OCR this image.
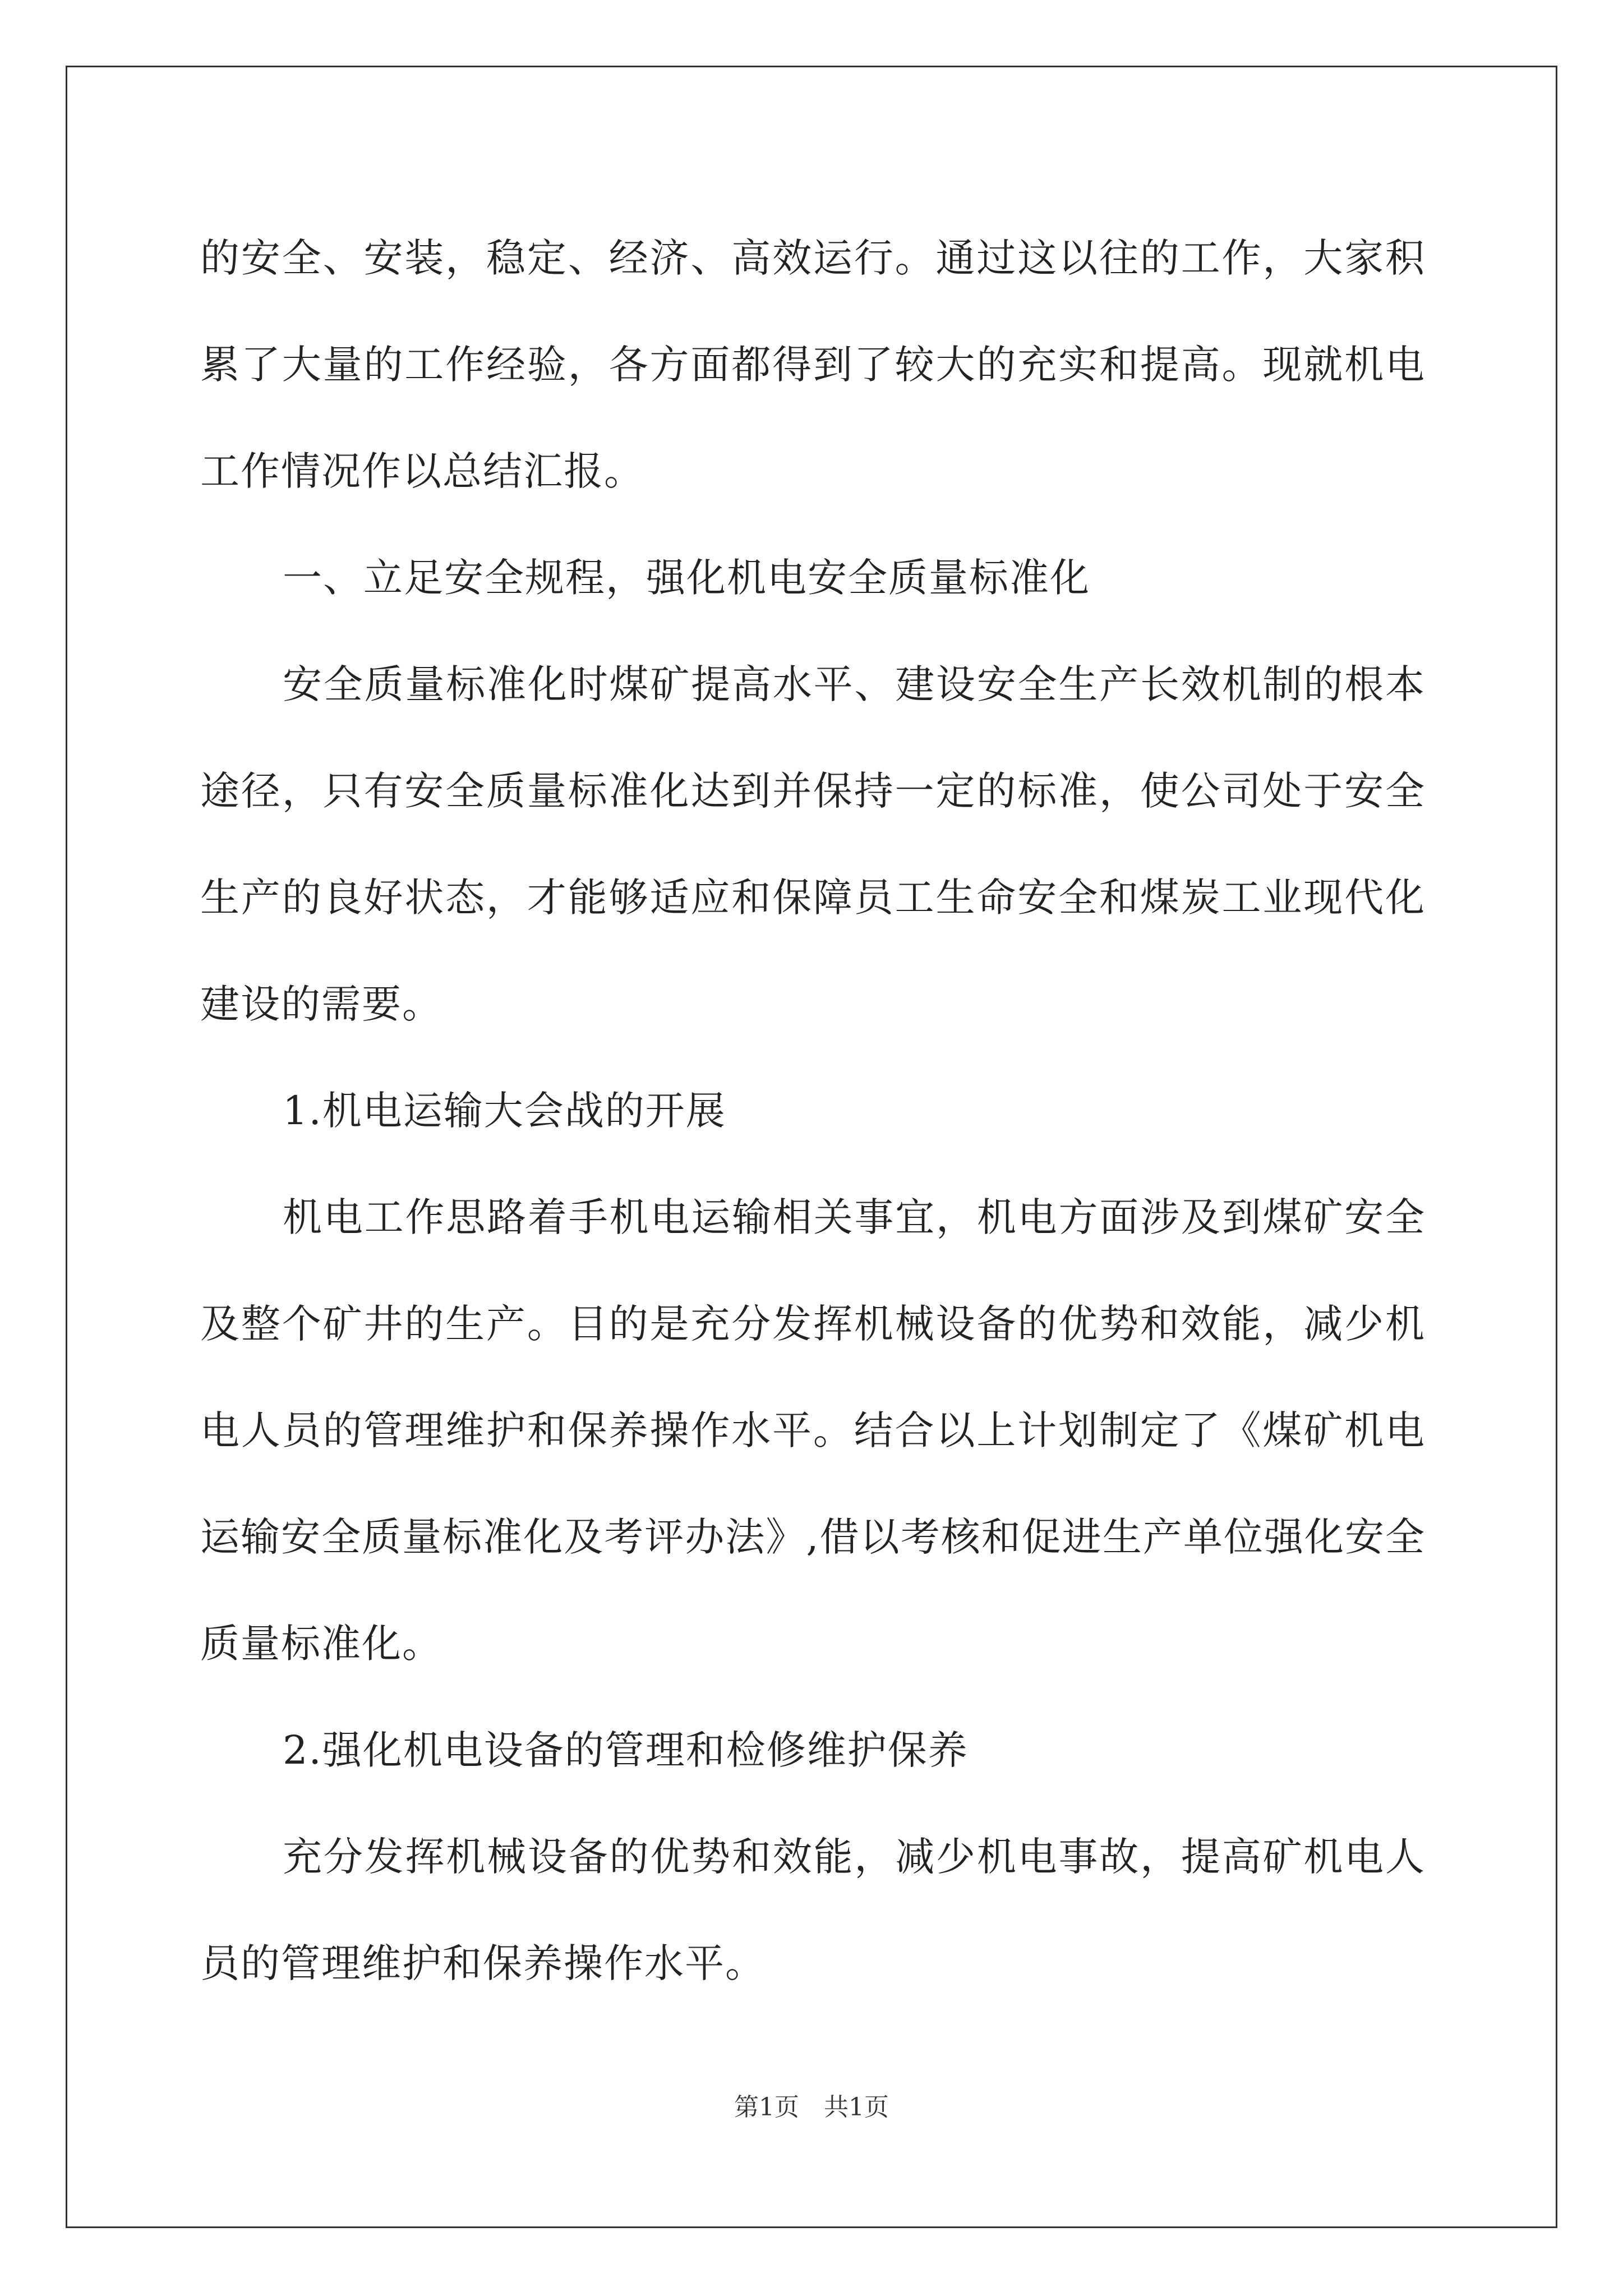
的安全、安装，稳定、经济、高效运行。通过这以往的工作，大家积累了大量的工作经验，各方面都得到了较大的充实和提高。现就机电工作情况作以总结汇报。

一、立足安全规程，强化机电安全质量标准化

安全质量标准化时煤矿提高水平、建设安全生产长效机制的根本途径，只有安全质量标准化达到并保持一定的标准，使公司处于安全生产的良好状态，才能够适应和保障员工生命安全和煤炭工业现代化建设的需要。

1.机电运输大会战的开展

机电工作思路着手机电运输相关事宜，机电方面涉及到煤矿安全及整个矿井的生产。目的是充分发挥机械设备的优势和效能，减少机电人员的管理维护和保养操作水平。结合以上计划制定了《煤矿机电运输安全质量标准化及考评办法》,借以考核和促进生产单位强化安全质量标准化。

2.强化机电设备的管理和检修维护保养

充分发挥机械设备的优势和效能，减少机电事故，提高矿机电人员的管理维护和保养操作水平。

第1页　共1页
